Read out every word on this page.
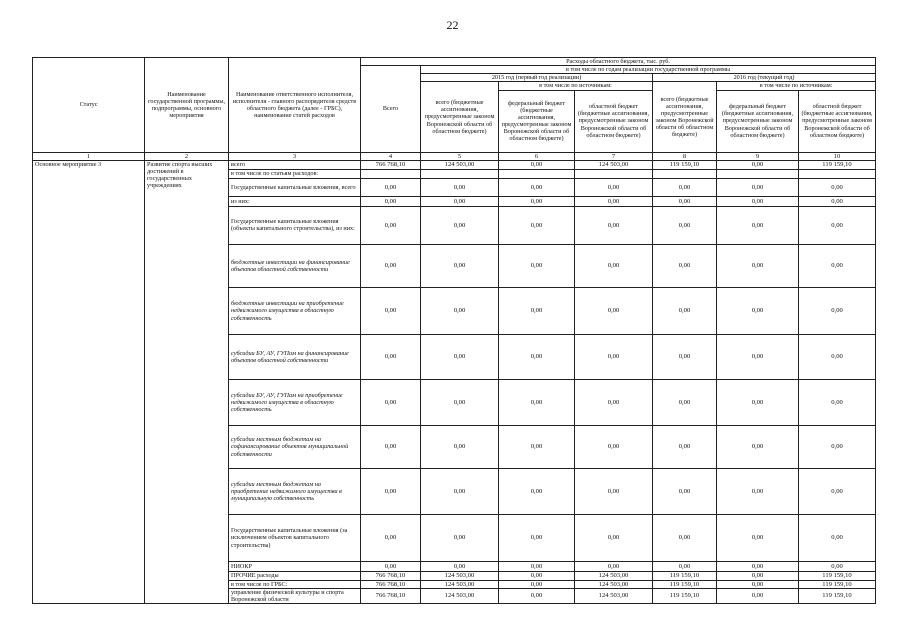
22
Статус	Наименование государственной программы, подпрограммы, основного мероприятия	Наименование ответственного исполнителя, исполнителя - главного распорядителя средств областного бюджета (далее - ГРБС), наименование статей расходов	Расходы областного бюджета, тыс. руб.						
			Всего	в том числе по годам реализации государственной программы					
				2015 год (первый год реализации)			2016 год (текущий год)		
				всего (бюджетные ассигнования, предусмотренные законом Воронежской области об областном бюджете)	в том числе по источникам:		всего (бюджетные ассигнования, предусмотренные законом Воронежской области об областном бюджете)	в том числе по источникам:	
					федеральный бюджет (бюджетные ассигнования, предусмотренные законом Воронежской области об областном бюджете)	областной бюджет (бюджетные ассигнования, предусмотренные законом Воронежской области об областном бюджете)		федеральный бюджет (бюджетные ассигнования, предусмотренные законом Воронежской области об областном бюджете)	областной бюджет (бюджетные ассигнования, предусмотренные законом Воронежской области об областном бюджете)
1	2	3	4	5	6	7	8	9	10
Основное мероприятие 3	Развитие спорта высших достижений в государственных учреждениях	всего	766 768,10	124 503,00	0,00	124 503,00	119 159,10	0,00	119 159,10
		в том числе по статьям расходов:							
		Государственные капитальные вложения, всего	0,00	0,00	0,00	0,00	0,00	0,00	0,00
		из них:	0,00	0,00	0,00	0,00	0,00	0,00	0,00
		Государственные капитальные вложения (объекты капитального строительства), из них:	0,00	0,00	0,00	0,00	0,00	0,00	0,00
		бюджетные инвестиции на финансирование объектов областной собственности	0,00	0,00	0,00	0,00	0,00	0,00	0,00
		бюджетные инвестиции на приобретение недвижимого имущества в областную собственность	0,00	0,00	0,00	0,00	0,00	0,00	0,00
		субсидии БУ, АУ, ГУПам на финансирование объектов областной собственности	0,00	0,00	0,00	0,00	0,00	0,00	0,00
		субсидии БУ, АУ, ГУПам на приобретение недвижимого имущества в областную собственность	0,00	0,00	0,00	0,00	0,00	0,00	0,00
		субсидии местным бюджетам на софинансирование объектов муниципальной собственности	0,00	0,00	0,00	0,00	0,00	0,00	0,00
		субсидии местным бюджетам на приобретение недвижимого имущества в муниципальную собственность	0,00	0,00	0,00	0,00	0,00	0,00	0,00
		Государственные капитальные вложения (за исключением объектов капитального строительства)	0,00	0,00	0,00	0,00	0,00	0,00	0,00
		НИОКР	0,00	0,00	0,00	0,00	0,00	0,00	0,00
		ПРОЧИЕ расходы	766 768,10	124 503,00	0,00	124 503,00	119 159,10	0,00	119 159,10
		в том числе по ГРБС:	766 768,10	124 503,00	0,00	124 503,00	119 159,10	0,00	119 159,10
		управление физической культуры и спорта Воронежской области	766 768,10	124 503,00	0,00	124 503,00	119 159,10	0,00	119 159,10
